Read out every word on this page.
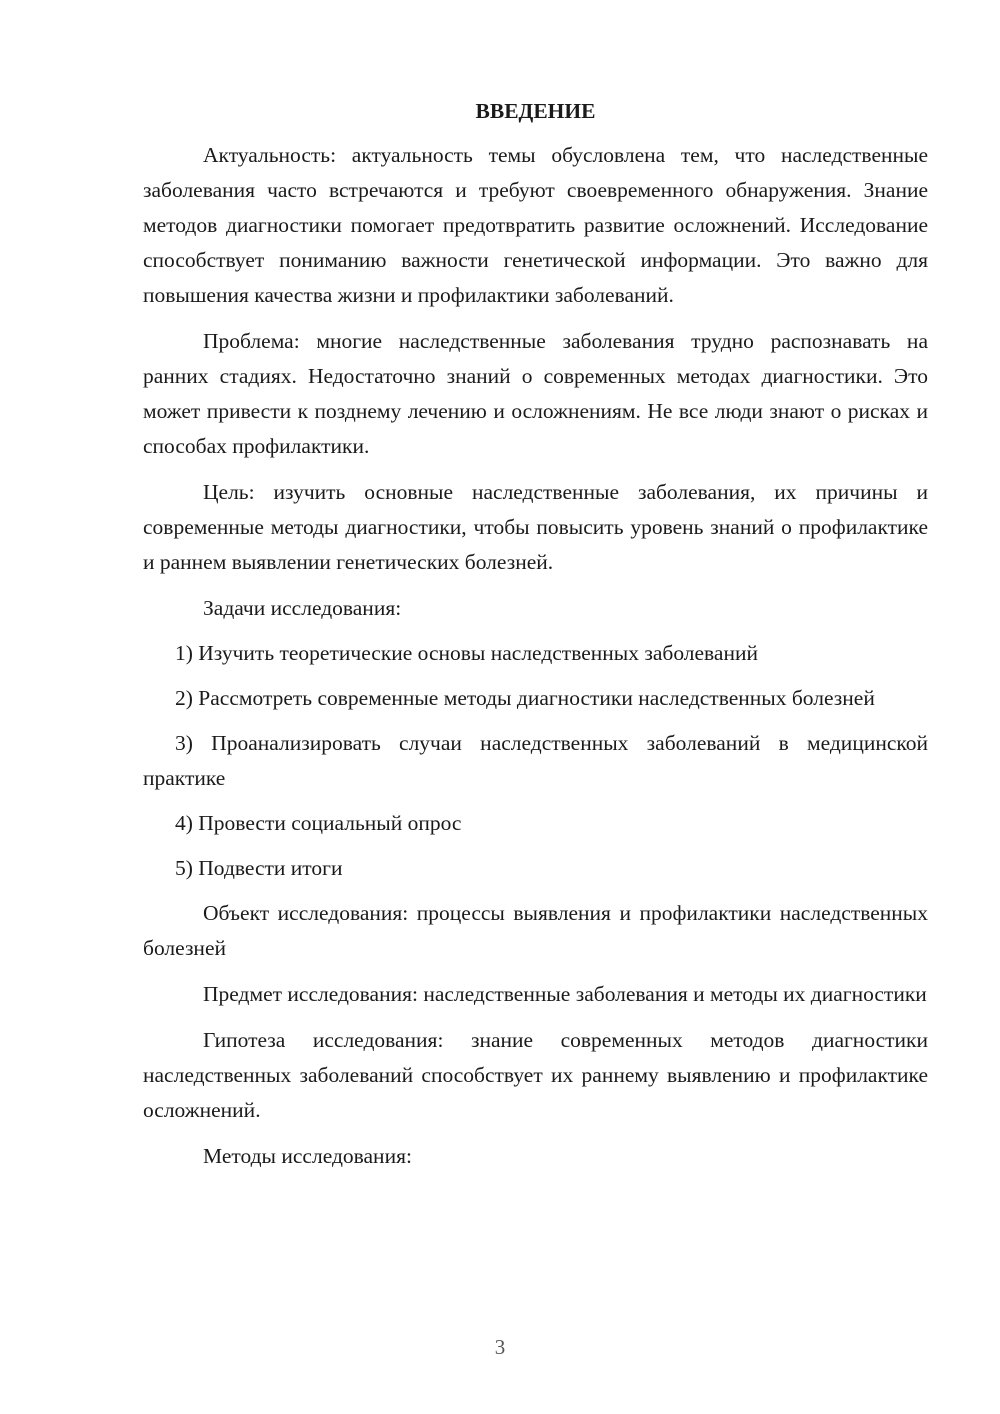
ВВЕДЕНИЕ

Актуальность: актуальность темы обусловлена тем, что наследственные заболевания часто встречаются и требуют своевременного обнаружения. Знание методов диагностики помогает предотвратить развитие осложнений. Исследование способствует пониманию важности генетической информации. Это важно для повышения качества жизни и профилактики заболеваний.

Проблема: многие наследственные заболевания трудно распознавать на ранних стадиях. Недостаточно знаний о современных методах диагностики. Это может привести к позднему лечению и осложнениям. Не все люди знают о рисках и способах профилактики.

Цель: изучить основные наследственные заболевания, их причины и современные методы диагностики, чтобы повысить уровень знаний о профилактике и раннем выявлении генетических болезней.

Задачи исследования:

1) Изучить теоретические основы наследственных заболеваний

2) Рассмотреть современные методы диагностики наследственных болезней

3) Проанализировать случаи наследственных заболеваний в медицинской практике

4) Провести социальный опрос

5) Подвести итоги

Объект исследования: процессы выявления и профилактики наследственных болезней

Предмет исследования: наследственные заболевания и методы их диагностики

Гипотеза исследования: знание современных методов диагностики наследственных заболеваний способствует их раннему выявлению и профилактике осложнений.

Методы исследования:

3
